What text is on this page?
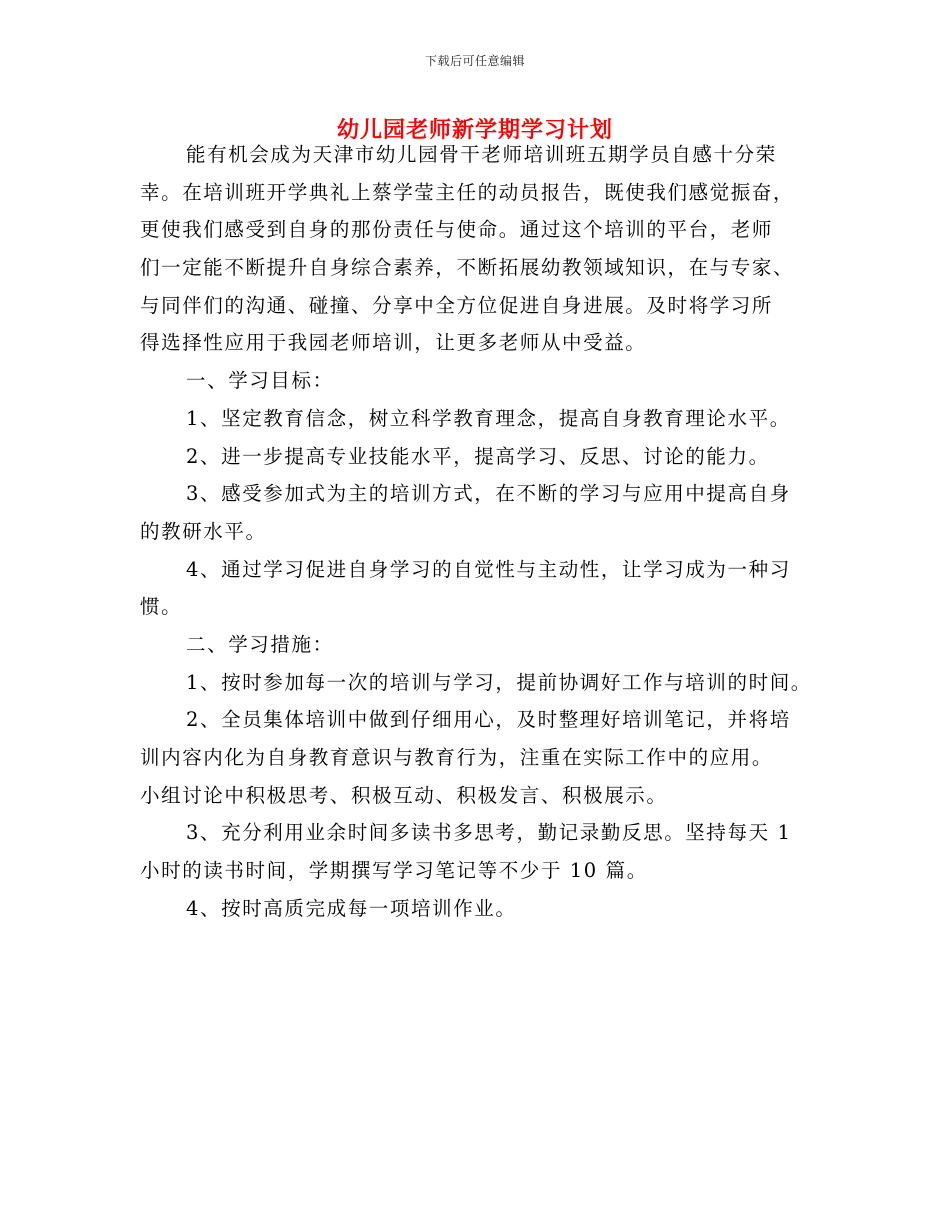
下载后可任意编辑
幼儿园老师新学期学习计划
能有机会成为天津市幼儿园骨干老师培训班五期学员自感十分荣
幸。在培训班开学典礼上蔡学莹主任的动员报告，既使我们感觉振奋，
更使我们感受到自身的那份责任与使命。通过这个培训的平台，老师
们一定能不断提升自身综合素养，不断拓展幼教领域知识，在与专家、
与同伴们的沟通、碰撞、分享中全方位促进自身进展。及时将学习所
得选择性应用于我园老师培训，让更多老师从中受益。
一、学习目标：
1、坚定教育信念，树立科学教育理念，提高自身教育理论水平。
2、进一步提高专业技能水平，提高学习、反思、讨论的能力。
3、感受参加式为主的培训方式，在不断的学习与应用中提高自身
的教研水平。
4、通过学习促进自身学习的自觉性与主动性，让学习成为一种习
惯。
二、学习措施：
1、按时参加每一次的培训与学习，提前协调好工作与培训的时间。
2、全员集体培训中做到仔细用心，及时整理好培训笔记，并将培
训内容内化为自身教育意识与教育行为，注重在实际工作中的应用。
小组讨论中积极思考、积极互动、积极发言、积极展示。
3、充分利用业余时间多读书多思考，勤记录勤反思。坚持每天 1
小时的读书时间，学期撰写学习笔记等不少于 10 篇。
4、按时高质完成每一项培训作业。
